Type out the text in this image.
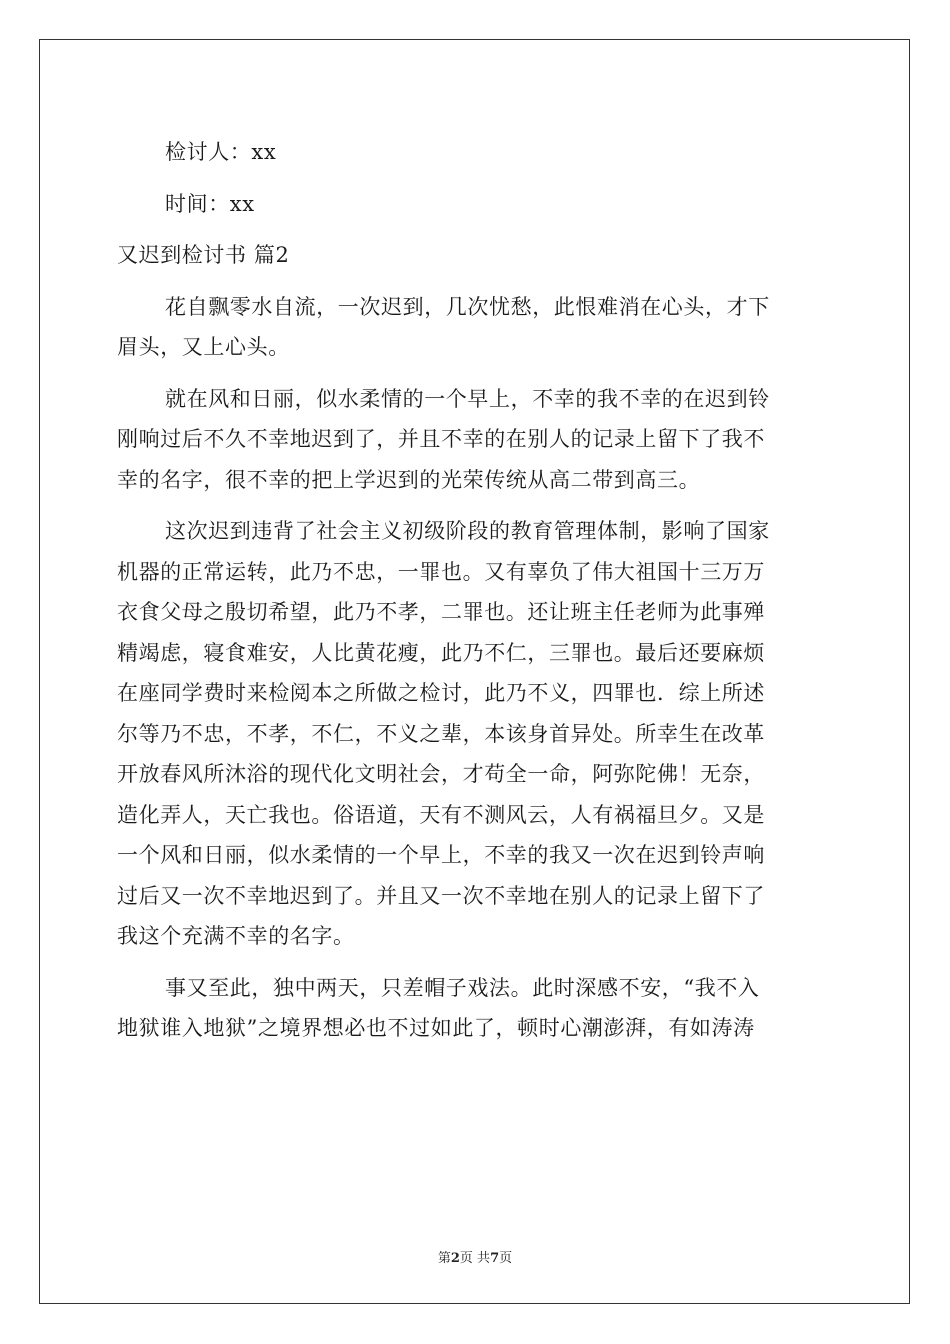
检讨人：xx

时间：xx

又迟到检讨书 篇2

花自飘零水自流，一次迟到，几次忧愁，此恨难消在心头，才下

眉头，又上心头。

就在风和日丽，似水柔情的一个早上，不幸的我不幸的在迟到铃

刚响过后不久不幸地迟到了，并且不幸的在别人的记录上留下了我不

幸的名字，很不幸的把上学迟到的光荣传统从高二带到高三。

这次迟到违背了社会主义初级阶段的教育管理体制，影响了国家

机器的正常运转，此乃不忠，一罪也。又有辜负了伟大祖国十三万万

衣食父母之殷切希望，此乃不孝，二罪也。还让班主任老师为此事殚

精竭虑，寝食难安，人比黄花瘦，此乃不仁，三罪也。最后还要麻烦

在座同学费时来检阅本之所做之检讨，此乃不义，四罪也．综上所述

尔等乃不忠，不孝，不仁，不义之辈，本该身首异处。所幸生在改革

开放春风所沐浴的现代化文明社会，才苟全一命，阿弥陀佛！无奈，

造化弄人，天亡我也。俗语道，天有不测风云，人有祸福旦夕。又是

一个风和日丽，似水柔情的一个早上，不幸的我又一次在迟到铃声响

过后又一次不幸地迟到了。并且又一次不幸地在别人的记录上留下了

我这个充满不幸的名字。

事又至此，独中两天，只差帽子戏法。此时深感不安，“我不入

地狱谁入地狱”之境界想必也不过如此了，顿时心潮澎湃，有如涛涛

第2页 共7页
